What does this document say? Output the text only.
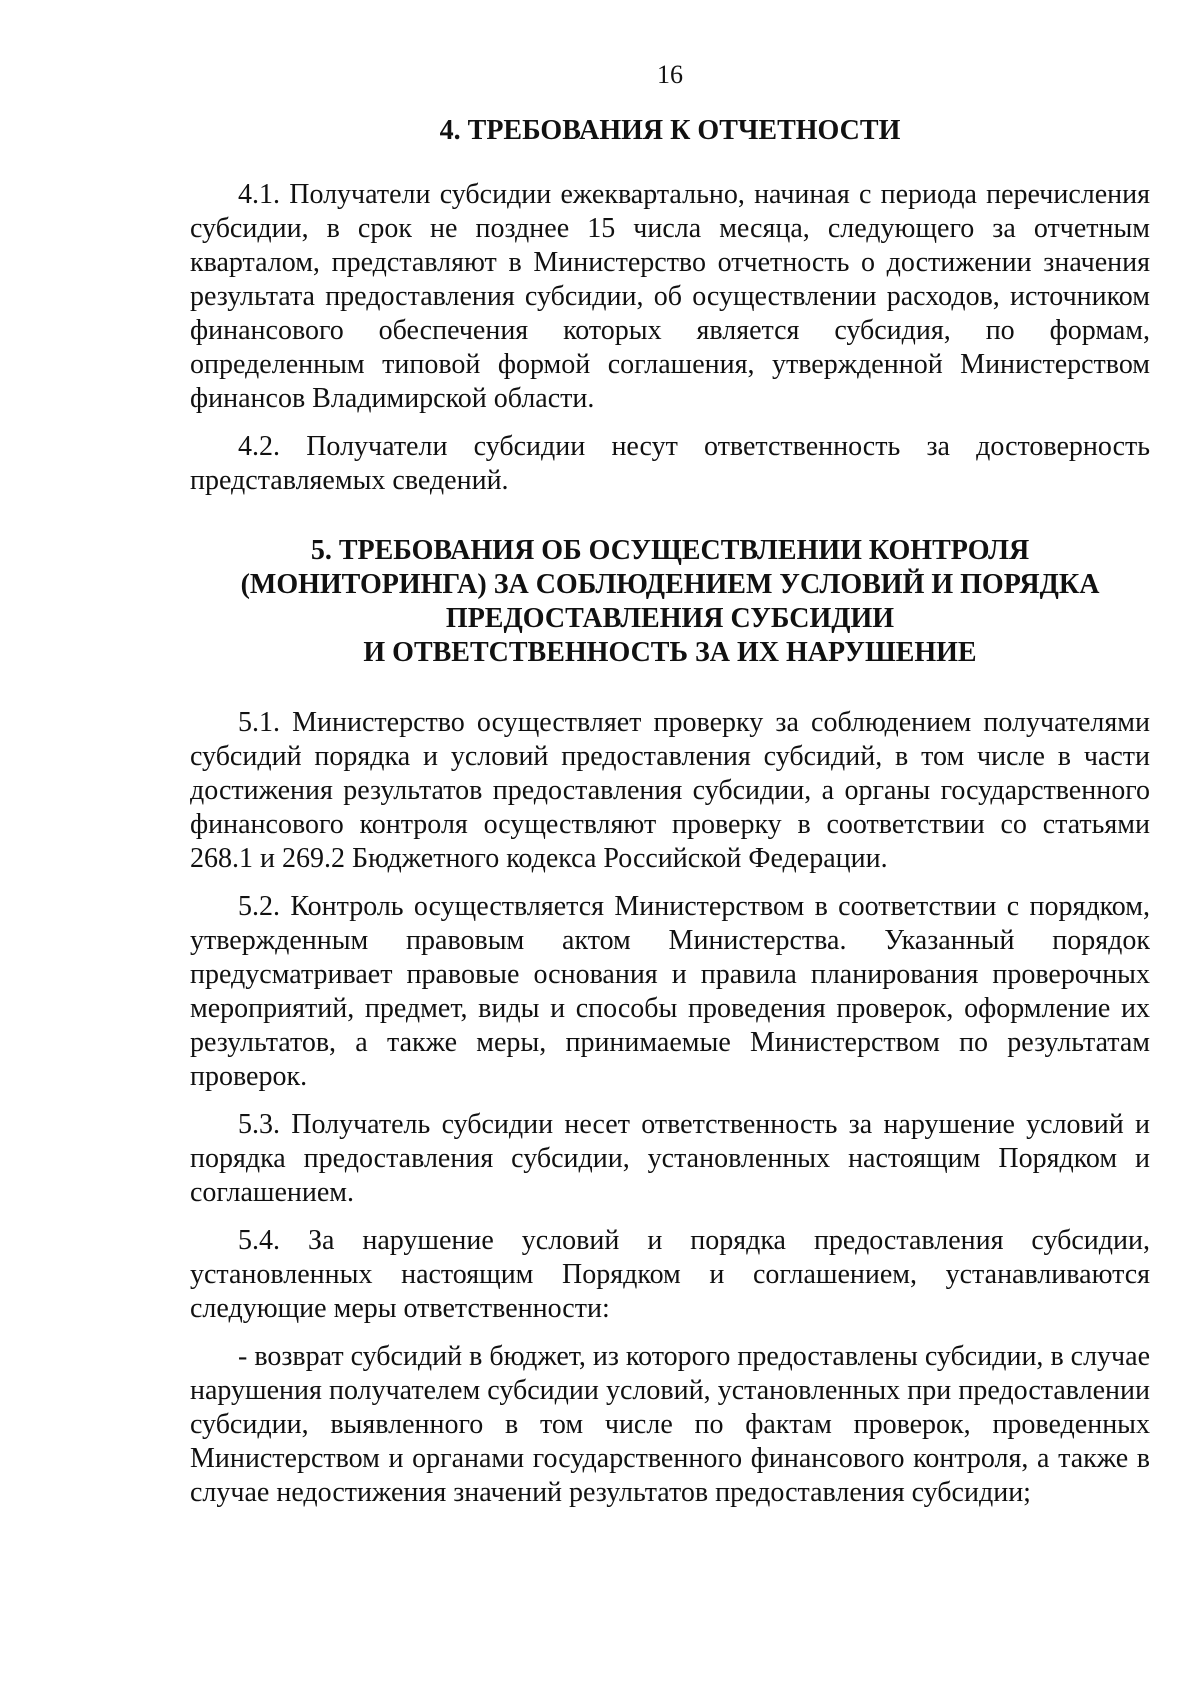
16
4. ТРЕБОВАНИЯ К ОТЧЕТНОСТИ

4.1. Получатели субсидии ежеквартально, начиная с периода перечисления субсидии, в срок не позднее 15 числа месяца, следующего за отчетным кварталом, представляют в Министерство отчетность о достижении значения результата предоставления субсидии, об осуществлении расходов, источником финансового обеспечения которых является субсидия, по формам, определенным типовой формой соглашения, утвержденной Министерством финансов Владимирской области.

4.2. Получатели субсидии несут ответственность за достоверность представляемых сведений.

5. ТРЕБОВАНИЯ ОБ ОСУЩЕСТВЛЕНИИ КОНТРОЛЯ
(МОНИТОРИНГА) ЗА СОБЛЮДЕНИЕМ УСЛОВИЙ И ПОРЯДКА
ПРЕДОСТАВЛЕНИЯ СУБСИДИИ
И ОТВЕТСТВЕННОСТЬ ЗА ИХ НАРУШЕНИЕ

5.1. Министерство осуществляет проверку за соблюдением получателями субсидий порядка и условий предоставления субсидий, в том числе в части достижения результатов предоставления субсидии, а органы государственного финансового контроля осуществляют проверку в соответствии со статьями 268.1 и 269.2 Бюджетного кодекса Российской Федерации.

5.2. Контроль осуществляется Министерством в соответствии с порядком, утвержденным правовым актом Министерства. Указанный порядок предусматривает правовые основания и правила планирования проверочных мероприятий, предмет, виды и способы проведения проверок, оформление их результатов, а также меры, принимаемые Министерством по результатам проверок.

5.3. Получатель субсидии несет ответственность за нарушение условий и порядка предоставления субсидии, установленных настоящим Порядком и соглашением.

5.4. За нарушение условий и порядка предоставления субсидии, установленных настоящим Порядком и соглашением, устанавливаются следующие меры ответственности:

- возврат субсидий в бюджет, из которого предоставлены субсидии, в случае нарушения получателем субсидии условий, установленных при предоставлении субсидии, выявленного в том числе по фактам проверок, проведенных Министерством и органами государственного финансового контроля, а также в случае недостижения значений результатов предоставления субсидии;
